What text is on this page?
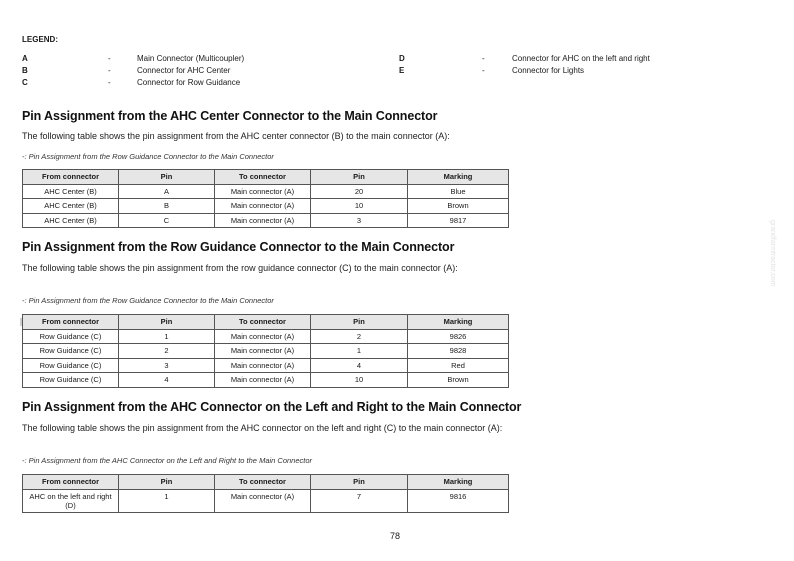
LEGEND:
A	-	Main Connector (Multicoupler)
B	-	Connector for AHC Center
C	-	Connector for Row Guidance
D	-	Connector for AHC on the left and right
E	-	Connector for Lights
Pin Assignment from the AHC Center Connector to the Main Connector
The following table shows the pin assignment from the AHC center connector (B) to the main connector (A):
-: Pin Assignment from the Row Guidance Connector to the Main Connector
From connector	Pin	To connector	Pin	Marking
AHC Center (B)	A	Main connector (A)	20	Blue
AHC Center (B)	B	Main connector (A)	10	Brown
AHC Center (B)	C	Main connector (A)	3	9817
Pin Assignment from the Row Guidance Connector to the Main Connector
The following table shows the pin assignment from the row guidance connector (C) to the main connector (A):
-: Pin Assignment from the Row Guidance Connector to the Main Connector
From connector	Pin	To connector	Pin	Marking
Row Guidance (C)	1	Main connector (A)	2	9826
Row Guidance (C)	2	Main connector (A)	1	9828
Row Guidance (C)	3	Main connector (A)	4	Red
Row Guidance (C)	4	Main connector (A)	10	Brown
Pin Assignment from the AHC Connector on the Left and Right to the Main Connector
The following table shows the pin assignment from the AHC connector on the left and right (C) to the main connector (A):
-: Pin Assignment from the AHC Connector on the Left and Right to the Main Connector
From connector	Pin	To connector	Pin	Marking
AHC on the left and right (D)	1	Main connector (A)	7	9816
78
grandfarmtractor.com
